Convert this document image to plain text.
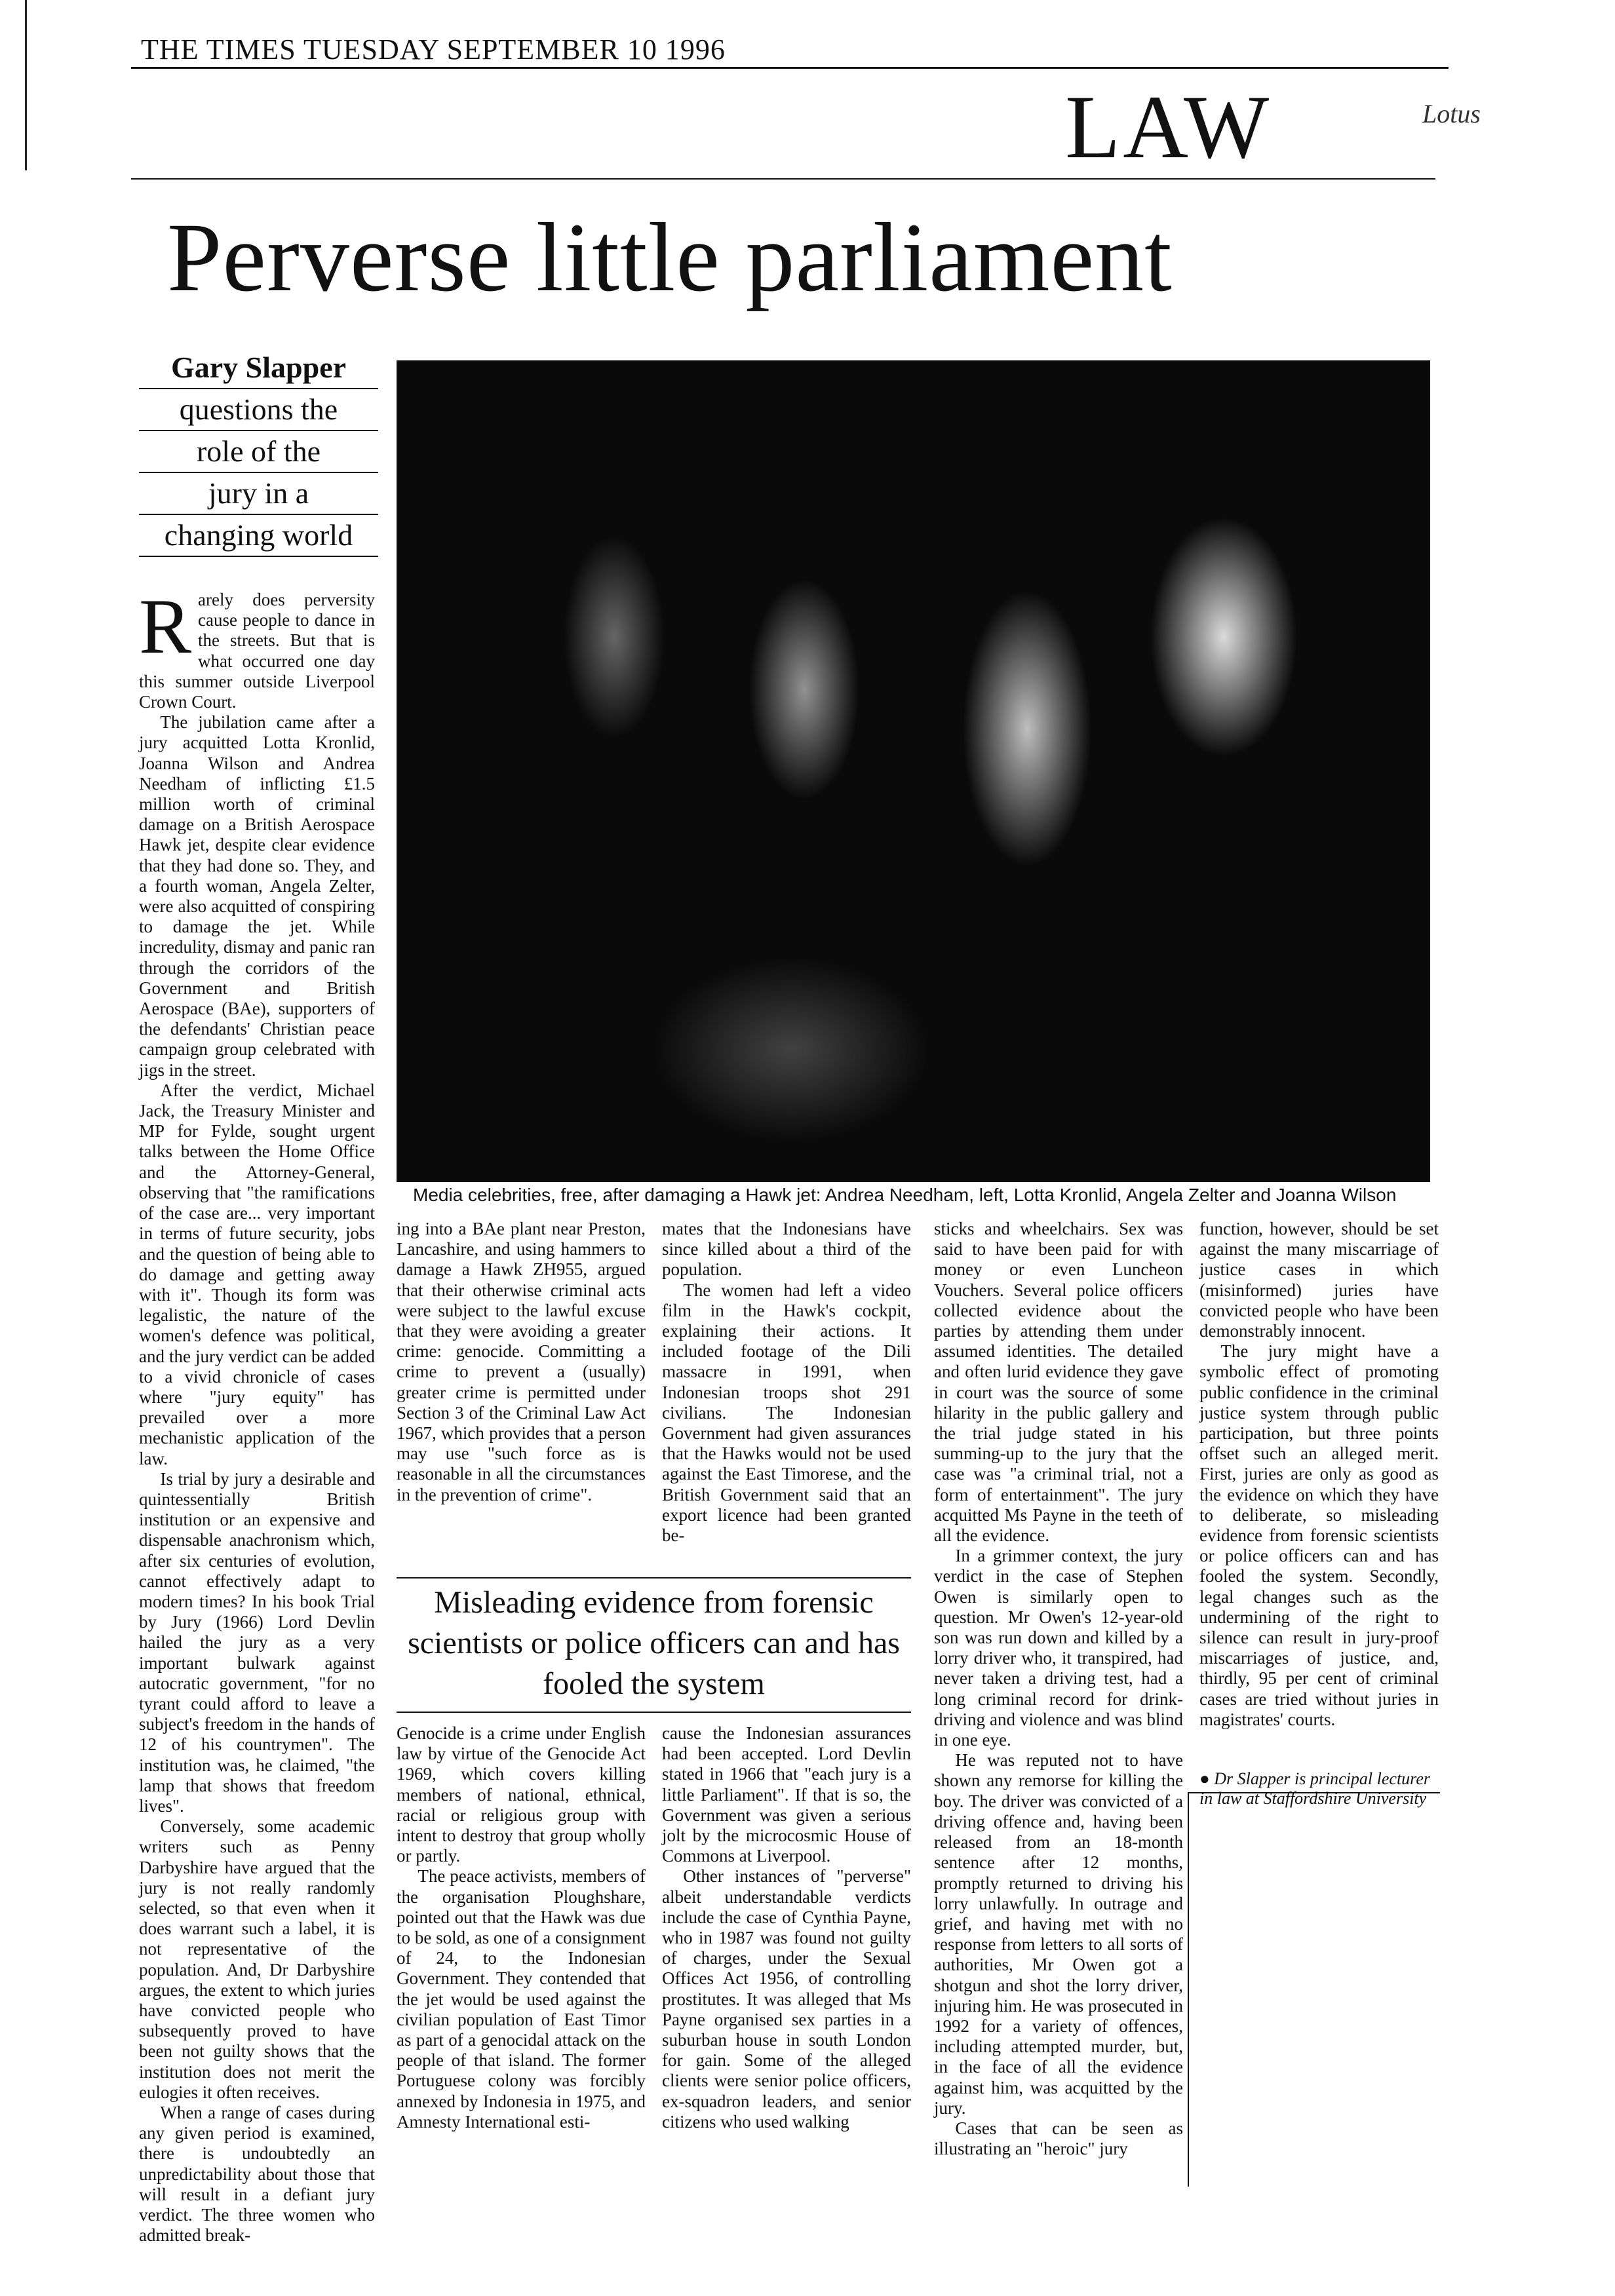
THE TIMES TUESDAY SEPTEMBER 10 1996
LAW	Lotus
Perverse little parliament
Gary Slapper
questions the
role of the
jury in a
changing world
Media celebrities, free, after damaging a Hawk jet: Andrea Needham, left, Lotta Kronlid, Angela Zelter and Joanna Wilson

Rarely does perversity cause people to dance in the streets. But that is what occurred one day this summer outside Liverpool Crown Court.

The jubilation came after a jury acquitted Lotta Kronlid, Joanna Wilson and Andrea Needham of inflicting £1.5 million worth of criminal damage on a British Aerospace Hawk jet, despite clear evidence that they had done so. They, and a fourth woman, Angela Zelter, were also acquitted of conspiring to damage the jet. While incredulity, dismay and panic ran through the corridors of the Government and British Aerospace (BAe), supporters of the defendants' Christian peace campaign group celebrated with jigs in the street.

After the verdict, Michael Jack, the Treasury Minister and MP for Fylde, sought urgent talks between the Home Office and the Attorney-General, observing that "the ramifications of the case are... very important in terms of future security, jobs and the question of being able to do damage and getting away with it". Though its form was legalistic, the nature of the women's defence was political, and the jury verdict can be added to a vivid chronicle of cases where "jury equity" has prevailed over a more mechanistic application of the law.

Is trial by jury a desirable and quintessentially British institution or an expensive and dispensable anachronism which, after six centuries of evolution, cannot effectively adapt to modern times? In his book Trial by Jury (1966) Lord Devlin hailed the jury as a very important bulwark against autocratic government, "for no tyrant could afford to leave a subject's freedom in the hands of 12 of his countrymen". The institution was, he claimed, "the lamp that shows that freedom lives".

Conversely, some academic writers such as Penny Darbyshire have argued that the jury is not really randomly selected, so that even when it does warrant such a label, it is not representative of the population. And, Dr Darbyshire argues, the extent to which juries have convicted people who subsequently proved to have been not guilty shows that the institution does not merit the eulogies it often receives.

When a range of cases during any given period is examined, there is undoubtedly an unpredictability about those that will result in a defiant jury verdict. The three women who admitted break-

ing into a BAe plant near Preston, Lancashire, and using hammers to damage a Hawk ZH955, argued that their otherwise criminal acts were subject to the lawful excuse that they were avoiding a greater crime: genocide. Committing a crime to prevent a (usually) greater crime is permitted under Section 3 of the Criminal Law Act 1967, which provides that a person may use "such force as is reasonable in all the circumstances in the prevention of crime".

mates that the Indonesians have since killed about a third of the population.

The women had left a video film in the Hawk's cockpit, explaining their actions. It included footage of the Dili massacre in 1991, when Indonesian troops shot 291 civilians. The Indonesian Government had given assurances that the Hawks would not be used against the East Timorese, and the British Government said that an export licence had been granted be-

Misleading evidence from forensic scientists or police officers can and has fooled the system

Genocide is a crime under English law by virtue of the Genocide Act 1969, which covers killing members of national, ethnical, racial or religious group with intent to destroy that group wholly or partly.

The peace activists, members of the organisation Ploughshare, pointed out that the Hawk was due to be sold, as one of a consignment of 24, to the Indonesian Government. They contended that the jet would be used against the civilian population of East Timor as part of a genocidal attack on the people of that island. The former Portuguese colony was forcibly annexed by Indonesia in 1975, and Amnesty International esti-

cause the Indonesian assurances had been accepted. Lord Devlin stated in 1966 that "each jury is a little Parliament". If that is so, the Government was given a serious jolt by the microcosmic House of Commons at Liverpool.

Other instances of "perverse" albeit understandable verdicts include the case of Cynthia Payne, who in 1987 was found not guilty of charges, under the Sexual Offices Act 1956, of controlling prostitutes. It was alleged that Ms Payne organised sex parties in a suburban house in south London for gain. Some of the alleged clients were senior police officers, ex-squadron leaders, and senior citizens who used walking

sticks and wheelchairs. Sex was said to have been paid for with money or even Luncheon Vouchers. Several police officers collected evidence about the parties by attending them under assumed identities. The detailed and often lurid evidence they gave in court was the source of some hilarity in the public gallery and the trial judge stated in his summing-up to the jury that the case was "a criminal trial, not a form of entertainment". The jury acquitted Ms Payne in the teeth of all the evidence.

In a grimmer context, the jury verdict in the case of Stephen Owen is similarly open to question. Mr Owen's 12-year-old son was run down and killed by a lorry driver who, it transpired, had never taken a driving test, had a long criminal record for drink-driving and violence and was blind in one eye.

He was reputed not to have shown any remorse for killing the boy. The driver was convicted of a driving offence and, having been released from an 18-month sentence after 12 months, promptly returned to driving his lorry unlawfully. In outrage and grief, and having met with no response from letters to all sorts of authorities, Mr Owen got a shotgun and shot the lorry driver, injuring him. He was prosecuted in 1992 for a variety of offences, including attempted murder, but, in the face of all the evidence against him, was acquitted by the jury.

Cases that can be seen as illustrating an "heroic" jury

function, however, should be set against the many miscarriage of justice cases in which (misinformed) juries have convicted people who have been demonstrably innocent.

The jury might have a symbolic effect of promoting public confidence in the criminal justice system through public participation, but three points offset such an alleged merit. First, juries are only as good as the evidence on which they have to deliberate, so misleading evidence from forensic scientists or police officers can and has fooled the system. Secondly, legal changes such as the undermining of the right to silence can result in jury-proof miscarriages of justice, and, thirdly, 95 per cent of criminal cases are tried without juries in magistrates' courts.

● Dr Slapper is principal lecturer in law at Staffordshire University
